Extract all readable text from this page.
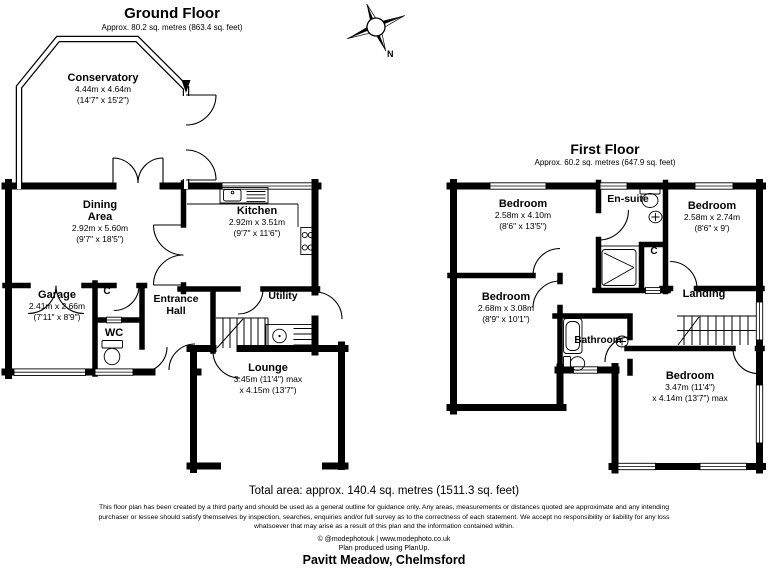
N
Ground Floor
Approx. 80.2 sq. metres (863.4 sq. feet)
Conservatory
4.44m x 4.64m
(14'7" x 15'2")
Dining
Area
2.92m x 5.60m
(9'7" x 18'5")
Kitchen
2.92m x 3.51m
(9'7" x 11'6")
Garage
2.41m x 2.66m
(7'11" x 8'9")
C
WC
Entrance
Hall
Utility
Lounge
3.45m (11'4") max
x 4.15m (13'7")
First Floor
Approx. 60.2 sq. metres (647.9 sq. feet)
Bedroom
2.58m x 4.10m
(8'6" x 13'5")
En-suite
Bedroom
2.58m x 2.74m
(8'6" x 9')
Bedroom
2.68m x 3.08m
(8'9" x 10'1")
C
Landing
Bathroom
Bedroom
3.47m (11'4")
x 4.14m (13'7") max
Total area: approx. 140.4 sq. metres (1511.3 sq. feet)
This floor plan has been created by a third party and should be used as a general outline for guidance only. Any areas, measurements or distances quoted are approximate and any intending purchaser or lessee should satisfy themselves by inspection, searches, enquiries and/or full survey as to the correctness of each statement. We accept no responsibility or liability for any loss whatsoever that may arise as a result of this plan and the information contained within.
© @modephotouk | www.modephoto.co.uk
Plan produced using PlanUp.
Pavitt Meadow, Chelmsford
